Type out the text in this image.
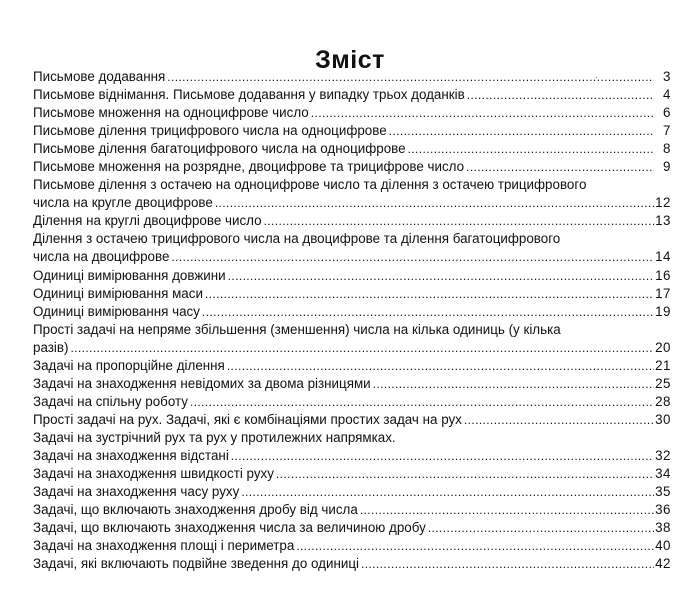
Зміст
Письмове додавання .....	3
Письмове віднімання. Письмове додавання у випадку трьох доданків .....	4
Письмове множення на одноцифрове число .....	6
Письмове ділення трицифрового числа на одноцифрове .....	7
Письмове ділення багатоцифрового числа на одноцифрове .....	8
Письмове множення на розрядне, двоцифрове та трицифрове число .....	9
Письмове ділення з остачею на одноцифрове число та ділення з остачею трицифрового
числа на кругле двоцифрове .....	12
Ділення на круглі двоцифрове число .....	13
Ділення з остачею трицифрового числа на двоцифрове та ділення багатоцифрового
числа на двоцифрове .....	14
Одиниці вимірювання довжини .....	16
Одиниці вимірювання маси .....	17
Одиниці вимірювання часу .....	19
Прості задачі на непряме збільшення (зменшення) числа на кілька одиниць (у кілька
разів) .....	20
Задачі на пропорційне ділення .....	21
Задачі на знаходження невідомих за двома різницями .....	25
Задачі на спільну роботу .....	28
Прості задачі на рух. Задачі, які є комбінаціями простих задач на рух .....	30
Задачі на зустрічний рух та рух у протилежних напрямках.
Задачі на знаходження відстані .....	32
Задачі на знаходження швидкості руху .....	34
Задачі на знаходження часу руху .....	35
Задачі, що включають знаходження дробу від числа .....	36
Задачі, що включають знаходження числа за величиною дробу .....	38
Задачі на знаходження площі і периметра .....	40
Задачі, які включають подвійне зведення до одиниці .....	42
